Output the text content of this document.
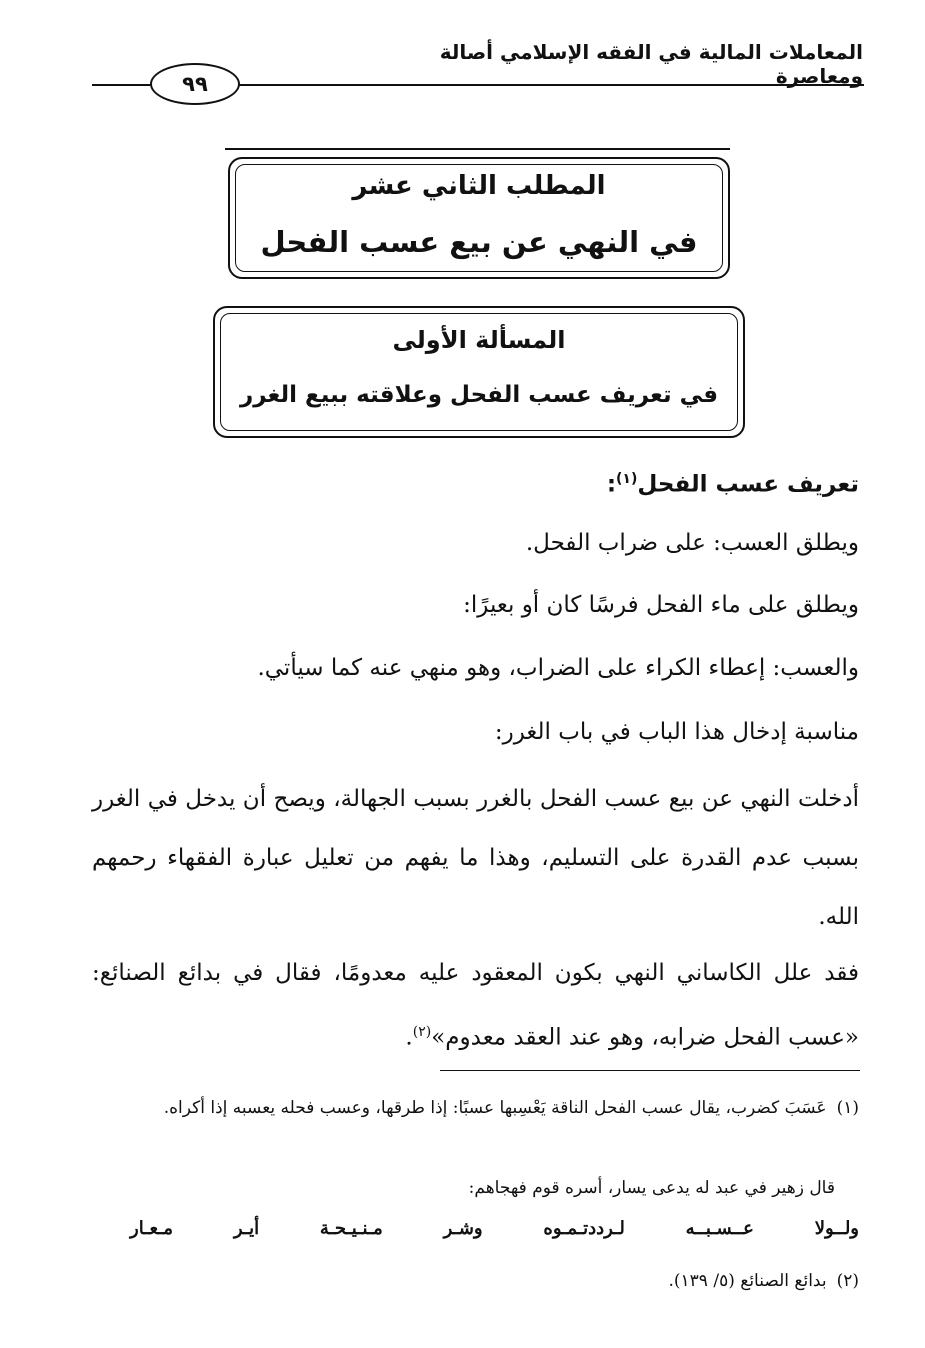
المعاملات المالية في الفقه الإسلامي أصالة ومعاصرة
٩٩
المطلب الثاني عشر
في النهي عن بيع عسب الفحل
المسألة الأولى
في تعريف عسب الفحل وعلاقته ببيع الغرر
تعريف عسب الفحل$^{(١)}$:
ويطلق العسب: على ضراب الفحل.
ويطلق على ماء الفحل فرسًا كان أو بعيرًا:
والعسب: إعطاء الكراء على الضراب، وهو منهي عنه كما سيأتي.
مناسبة إدخال هذا الباب في باب الغرر:
أدخلت النهي عن بيع عسب الفحل بالغرر بسبب الجهالة، ويصح أن يدخل في الغرر بسبب عدم القدرة على التسليم، وهذا ما يفهم من تعليل عبارة الفقهاء رحمهم الله.
فقد علل الكاساني النهي بكون المعقود عليه معدومًا، فقال في بدائع الصنائع: «عسب الفحل ضرابه، وهو عند العقد معدوم»$^{(٢)}$.
(١)عَسَبَ كضرب، يقال عسب الفحل الناقة يَعْسِبها عسبًا: إذا طرقها، وعسب فحله يعسبه إذا أكراه.
قال زهير في عبد له يدعى يسار، أسره قوم فهجاهم:
ولــولا
عــسـبــه
لـرددتـمـوه
وشـر
مـنـيـحـة
أيـر
مـعـار
(٢)بدائع الصنائع (٥/ ١٣٩).
